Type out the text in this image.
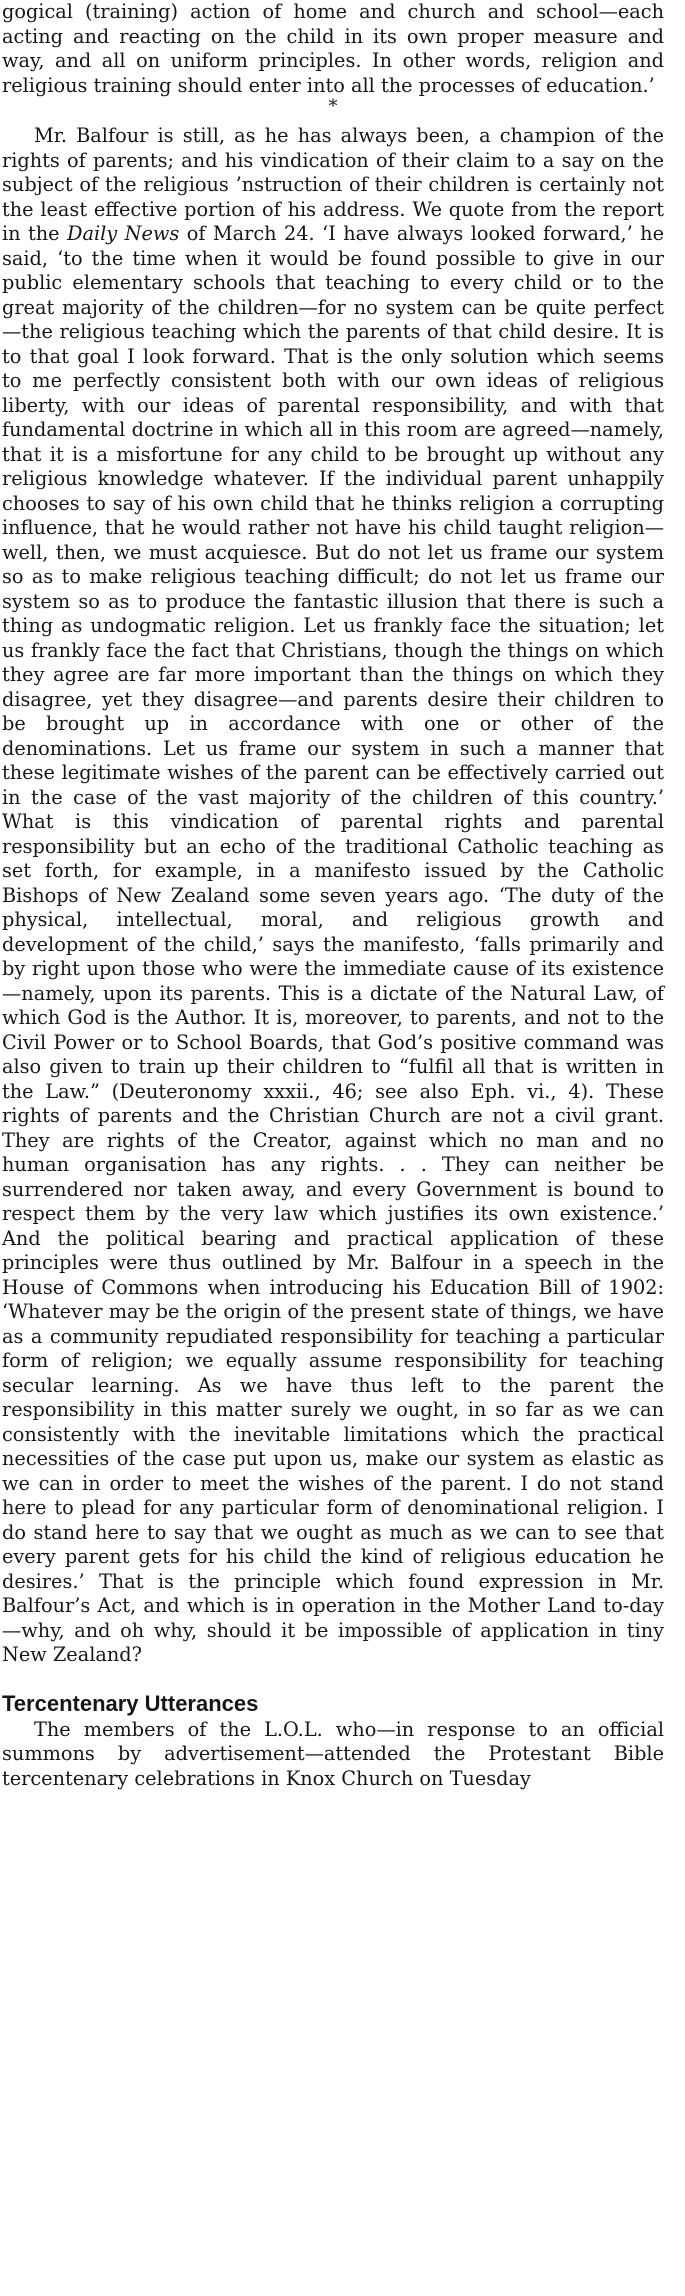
gogical (training) action of home and church and school—each acting and reacting on the child in its own proper measure and way, and all on uniform principles. In other words, religion and religious training should enter into all the processes of education.’

*

Mr. Balfour is still, as he has always been, a champion of the rights of parents; and his vindication of their claim to a say on the subject of the religious ’nstruction of their children is certainly not the least effective portion of his address. We quote from the report in the Daily News of March 24. ‘I have always looked forward,’ he said, ‘to the time when it would be found possible to give in our public elementary schools that teaching to every child or to the great majority of the children—for no system can be quite perfect—the religious teaching which the parents of that child desire. It is to that goal I look forward. That is the only solution which seems to me perfectly consistent both with our own ideas of religious liberty, with our ideas of parental responsibility, and with that fundamental doctrine in which all in this room are agreed—namely, that it is a misfortune for any child to be brought up without any religious knowledge whatever. If the individual parent unhappily chooses to say of his own child that he thinks religion a corrupting influence, that he would rather not have his child taught religion—well, then, we must acquiesce. But do not let us frame our system so as to make religious teaching difficult; do not let us frame our system so as to produce the fantastic illusion that there is such a thing as undogmatic religion. Let us frankly face the situation; let us frankly face the fact that Christians, though the things on which they agree are far more important than the things on which they disagree, yet they disagree—and parents desire their children to be brought up in accordance with one or other of the denominations. Let us frame our system in such a manner that these legitimate wishes of the parent can be effectively carried out in the case of the vast majority of the children of this country.’ What is this vindication of parental rights and parental responsibility but an echo of the traditional Catholic teaching as set forth, for example, in a manifesto issued by the Catholic Bishops of New Zealand some seven years ago. ‘The duty of the physical, intellectual, moral, and religious growth and development of the child,’ says the manifesto, ‘falls primarily and by right upon those who were the immediate cause of its existence—namely, upon its parents. This is a dictate of the Natural Law, of which God is the Author. It is, moreover, to parents, and not to the Civil Power or to School Boards, that God’s positive command was also given to train up their children to “fulfil all that is written in the Law.” (Deuteronomy xxxii., 46; see also Eph. vi., 4). These rights of parents and the Christian Church are not a civil grant. They are rights of the Creator, against which no man and no human organisation has any rights. . . They can neither be surrendered nor taken away, and every Government is bound to respect them by the very law which justifies its own existence.’ And the political bearing and practical application of these principles were thus outlined by Mr. Balfour in a speech in the House of Commons when introducing his Education Bill of 1902: ‘Whatever may be the origin of the present state of things, we have as a community repudiated responsibility for teaching a particular form of religion; we equally assume responsibility for teaching secular learning. As we have thus left to the parent the responsibility in this matter surely we ought, in so far as we can consistently with the inevitable limitations which the practical necessities of the case put upon us, make our system as elastic as we can in order to meet the wishes of the parent. I do not stand here to plead for any particular form of denominational religion. I do stand here to say that we ought as much as we can to see that every parent gets for his child the kind of religious education he desires.’ That is the principle which found expression in Mr. Balfour’s Act, and which is in operation in the Mother Land to-day—why, and oh why, should it be impossible of application in tiny New Zealand?

Tercentenary Utterances

The members of the L.O.L. who—in response to an official summons by advertisement—attended the Protestant Bible tercentenary celebrations in Knox Church on Tuesday
